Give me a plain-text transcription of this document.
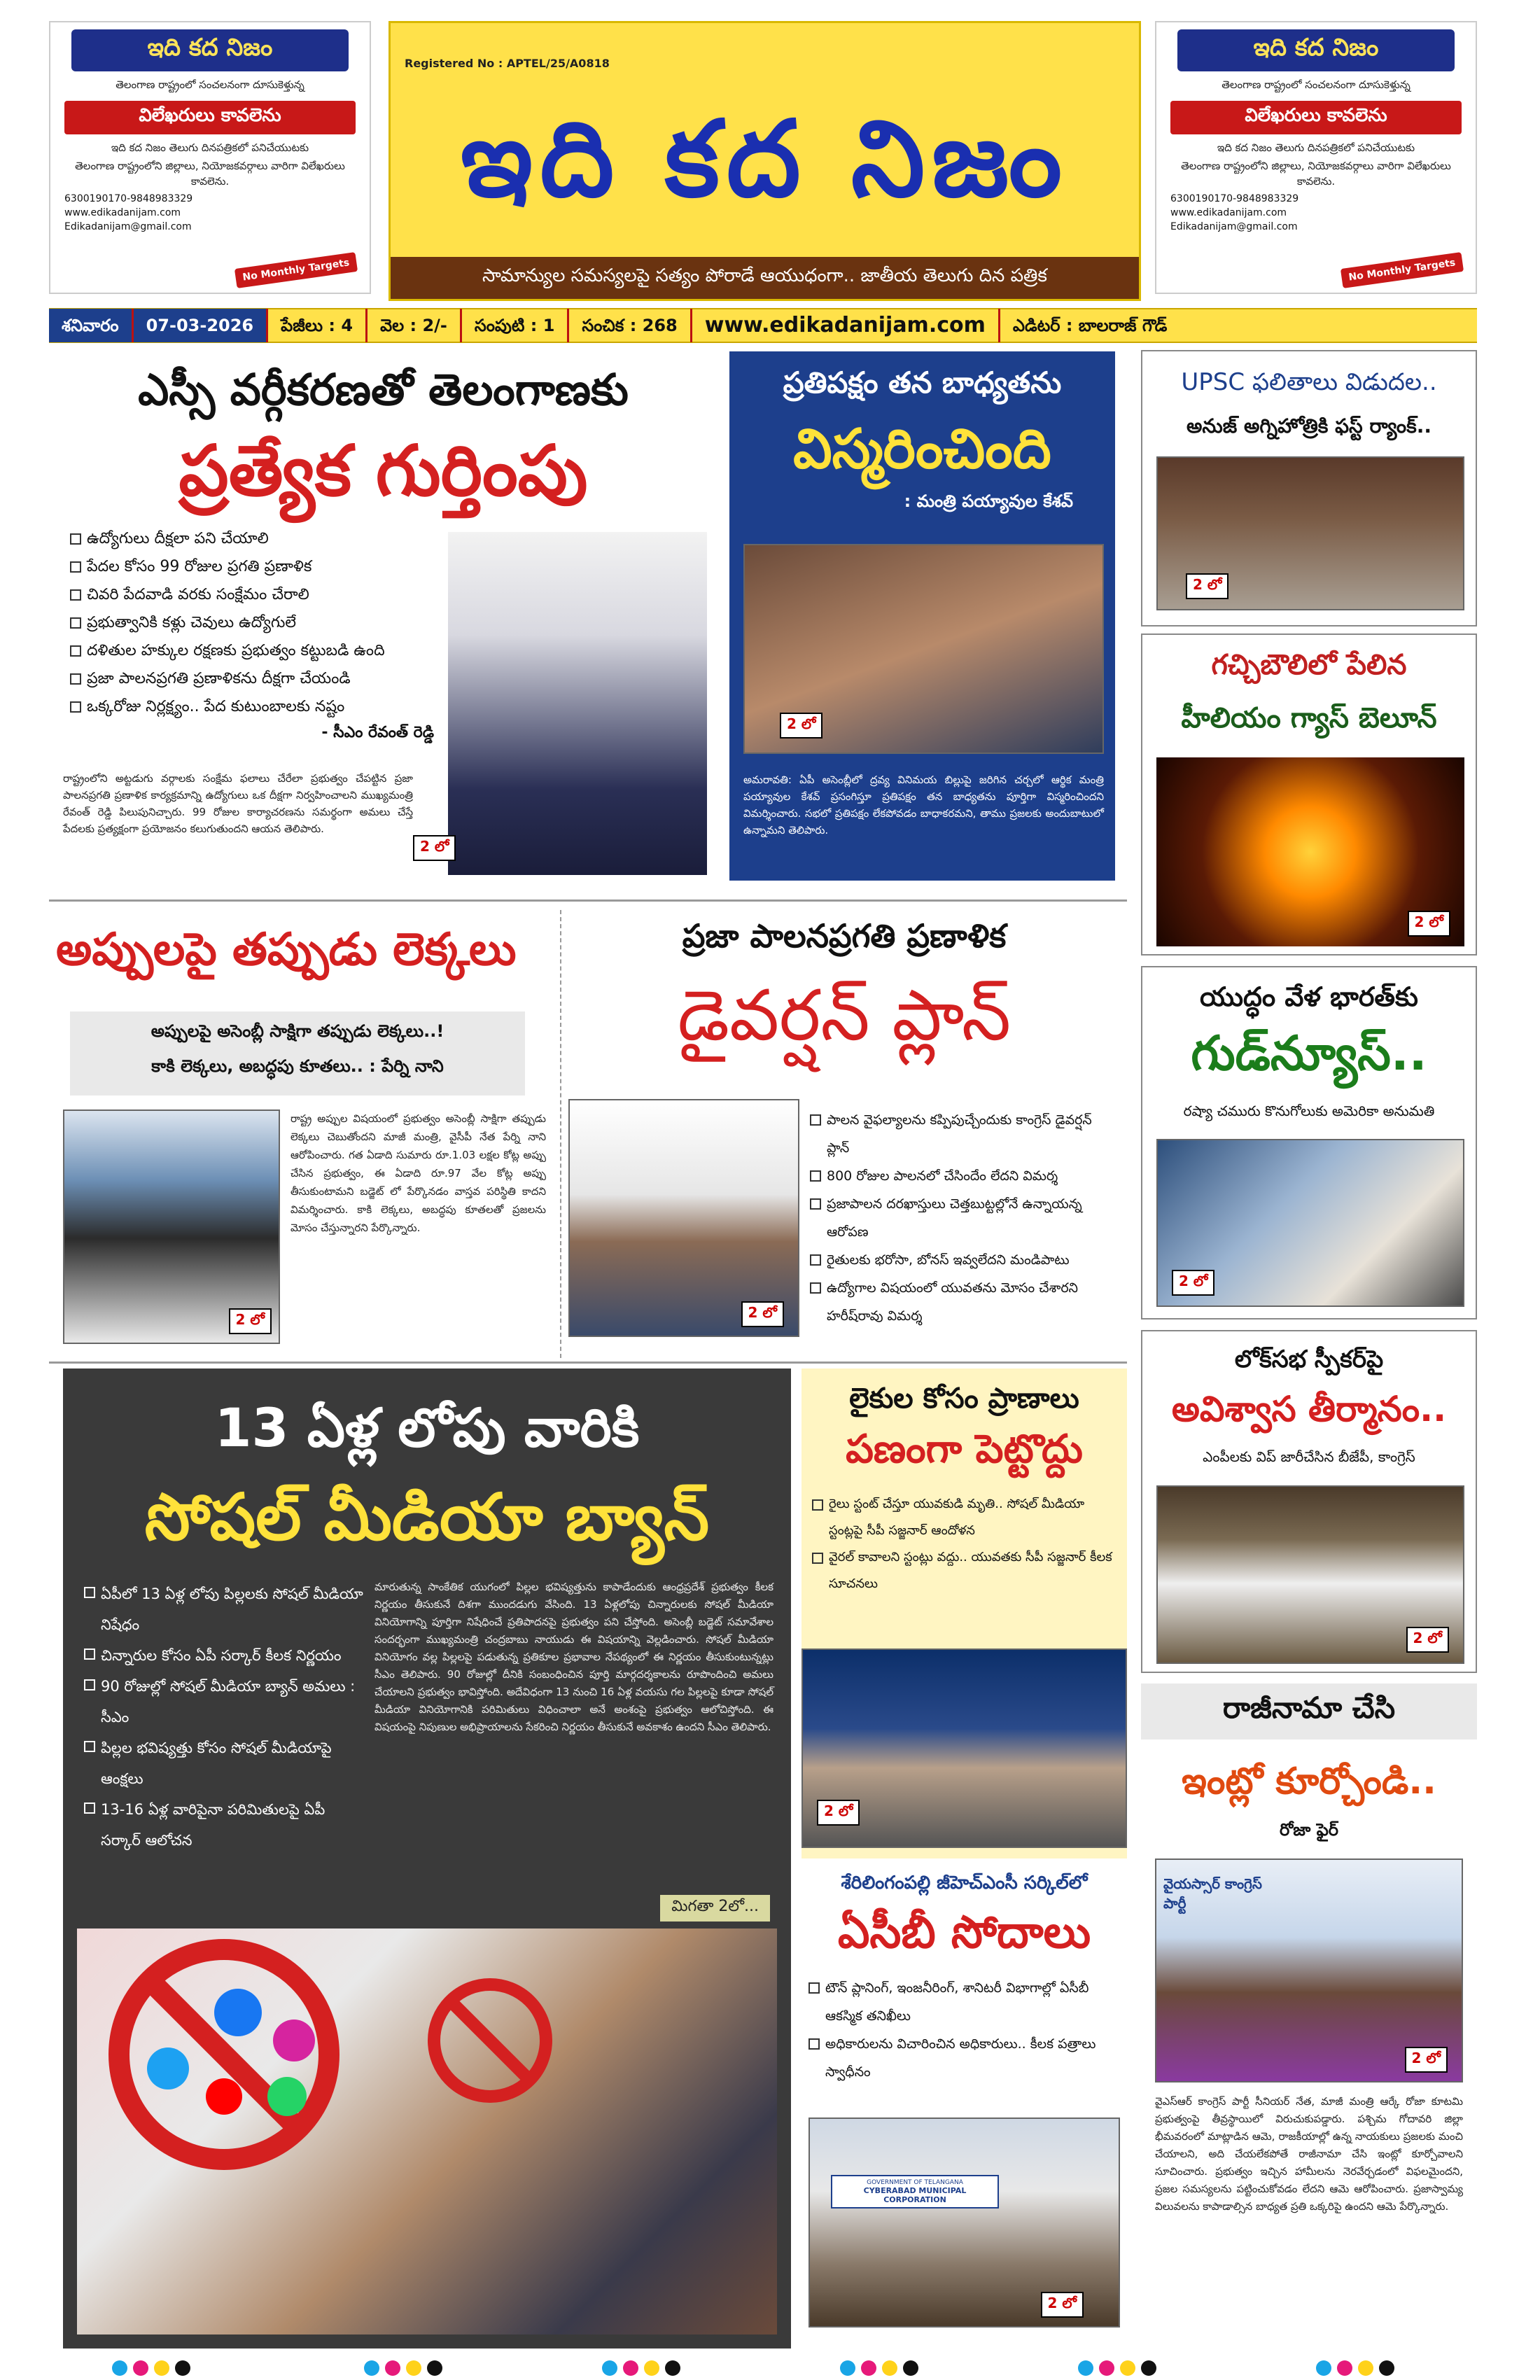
ఇది కద నిజం
తెలంగాణ రాష్ట్రంలో సంచలనంగా దూసుకెళ్తున్న
విలేఖరులు కావలెను
ఇది కద నిజం తెలుగు దినపత్రికలో పనిచేయుటకు
తెలంగాణ రాష్ట్రంలోని జిల్లాలు, నియోజకవర్గాలు వారిగా విలేఖరులు కావలెను.
6300190170-9848983329
www.edikadanijam.com
Edikadanijam@gmail.com
No Monthly Targets
Registered No : APTEL/25/A0818
ఇది కద నిజం
సామాన్యుల సమస్యలపై సత్యం పోరాడే ఆయుధంగా.. జాతీయ తెలుగు దిన పత్రిక
ఇది కద నిజం
తెలంగాణ రాష్ట్రంలో సంచలనంగా దూసుకెళ్తున్న
విలేఖరులు కావలెను
ఇది కద నిజం తెలుగు దినపత్రికలో పనిచేయుటకు
తెలంగాణ రాష్ట్రంలోని జిల్లాలు, నియోజకవర్గాలు వారిగా విలేఖరులు కావలెను.
6300190170-9848983329
www.edikadanijam.com
Edikadanijam@gmail.com
No Monthly Targets
శనివారం	07-03-2026	పేజీలు : 4	వెల : 2/-	సంపుటి : 1	సంచిక : 268	www.edikadanijam.com	ఎడిటర్ : బాలరాజ్ గౌడ్
ఎస్సీ వర్గీకరణతో తెలంగాణకు
ప్రత్యేక గుర్తింపు
ఉద్యోగులు దీక్షలా పని చేయాలి
పేదల కోసం 99 రోజుల ప్రగతి ప్రణాళిక
చివరి పేదవాడి వరకు సంక్షేమం చేరాలి
ప్రభుత్వానికి కళ్లు చెవులు ఉద్యోగులే
దళితుల హక్కుల రక్షణకు ప్రభుత్వం కట్టుబడి ఉంది
ప్రజా పాలనప్రగతి ప్రణాళికను దీక్షగా చేయండి
ఒక్కరోజు నిర్లక్ష్యం.. పేద కుటుంబాలకు నష్టం
- సీఎం రేవంత్ రెడ్డి
2 లో

రాష్ట్రంలోని అట్టడుగు వర్గాలకు సంక్షేమ ఫలాలు చేరేలా ప్రభుత్వం చేపట్టిన ప్రజా పాలనప్రగతి ప్రణాళిక కార్యక్రమాన్ని ఉద్యోగులు ఒక దీక్షగా నిర్వహించాలని ముఖ్యమంత్రి రేవంత్ రెడ్డి పిలుపునిచ్చారు. 99 రోజుల కార్యాచరణను సమర్థంగా అమలు చేస్తే పేదలకు ప్రత్యక్షంగా ప్రయోజనం కలుగుతుందని ఆయన తెలిపారు.

ప్రతిపక్షం తన బాధ్యతను
విస్మరించింది
: మంత్రి పయ్యావుల కేశవ్
2 లో

అమరావతి: ఏపీ అసెంబ్లీలో ద్రవ్య వినిమయ బిల్లుపై జరిగిన చర్చలో ఆర్థిక మంత్రి పయ్యావుల కేశవ్ ప్రసంగిస్తూ ప్రతిపక్షం తన బాధ్యతను పూర్తిగా విస్మరించిందని విమర్శించారు. సభలో ప్రతిపక్షం లేకపోవడం బాధాకరమని, తాము ప్రజలకు అందుబాటులో ఉన్నామని తెలిపారు.

UPSC ఫలితాలు విడుదల..
అనుజ్ అగ్నిహోత్రికి ఫస్ట్ ర్యాంక్..
2 లో
గచ్చిబౌలిలో పేలిన
హీలియం గ్యాస్ బెలూన్
2 లో
అప్పులపై తప్పుడు లెక్కలు
అప్పులపై అసెంబ్లీ సాక్షిగా తప్పుడు లెక్కలు..!
కాకి లెక్కలు, అబద్ధపు కూతలు.. : పేర్ని నాని
2 లో

రాష్ట్ర అప్పుల విషయంలో ప్రభుత్వం అసెంబ్లీ సాక్షిగా తప్పుడు లెక్కలు చెబుతోందని మాజీ మంత్రి, వైసీపీ నేత పేర్ని నాని ఆరోపించారు. గత ఏడాది సుమారు రూ.1.03 లక్షల కోట్ల అప్పు చేసిన ప్రభుత్వం, ఈ ఏడాది రూ.97 వేల కోట్ల అప్పు తీసుకుంటామని బడ్జెట్ లో పేర్కొనడం వాస్తవ పరిస్థితి కాదని విమర్శించారు. కాకి లెక్కలు, అబద్ధపు కూతలతో ప్రజలను మోసం చేస్తున్నారని పేర్కొన్నారు.

ప్రజా పాలనప్రగతి ప్రణాళిక
డైవర్షన్ ప్లాన్
2 లో
పాలన వైఫల్యాలను కప్పిపుచ్చేందుకు కాంగ్రెస్ డైవర్షన్ ప్లాన్
800 రోజుల పాలనలో చేసిందేం లేదని విమర్శ
ప్రజాపాలన దరఖాస్తులు చెత్తబుట్టల్లోనే ఉన్నాయన్న ఆరోపణ
రైతులకు భరోసా, బోనస్ ఇవ్వలేదని మండిపాటు
ఉద్యోగాల విషయంలో యువతను మోసం చేశారని హరీష్‌రావు విమర్శ
యుద్ధం వేళ భారత్‌కు
గుడ్‌న్యూస్..
రష్యా చమురు కొనుగోలుకు అమెరికా అనుమతి
2 లో
లోక్‌సభ స్పీకర్‌పై
అవిశ్వాస తీర్మానం..
ఎంపీలకు విప్ జారీచేసిన బీజేపీ, కాంగ్రెస్
2 లో
13 ఏళ్ల లోపు వారికి
సోషల్ మీడియా బ్యాన్
ఏపీలో 13 ఏళ్ల లోపు పిల్లలకు సోషల్ మీడియా నిషేధం
చిన్నారుల కోసం ఏపీ సర్కార్ కీలక నిర్ణయం
90 రోజుల్లో సోషల్ మీడియా బ్యాన్ అమలు : సీఎం
పిల్లల భవిష్యత్తు కోసం సోషల్ మీడియాపై ఆంక్షలు
13-16 ఏళ్ల వారిపైనా పరిమితులపై ఏపీ సర్కార్ ఆలోచన

మారుతున్న సాంకేతిక యుగంలో పిల్లల భవిష్యత్తును కాపాడేందుకు ఆంధ్రప్రదేశ్ ప్రభుత్వం కీలక నిర్ణయం తీసుకునే దిశగా ముందడుగు వేసింది. 13 ఏళ్లలోపు చిన్నారులకు సోషల్ మీడియా వినియోగాన్ని పూర్తిగా నిషేధించే ప్రతిపాదనపై ప్రభుత్వం పని చేస్తోంది. అసెంబ్లీ బడ్జెట్ సమావేశాల సందర్భంగా ముఖ్యమంత్రి చంద్రబాబు నాయుడు ఈ విషయాన్ని వెల్లడించారు. సోషల్ మీడియా వినియోగం వల్ల పిల్లలపై పడుతున్న ప్రతికూల ప్రభావాల నేపథ్యంలో ఈ నిర్ణయం తీసుకుంటున్నట్లు సీఎం తెలిపారు. 90 రోజుల్లో దీనికి సంబంధించిన పూర్తి మార్గదర్శకాలను రూపొందించి అమలు చేయాలని ప్రభుత్వం భావిస్తోంది. అదేవిధంగా 13 నుంచి 16 ఏళ్ల వయసు గల పిల్లలపై కూడా సోషల్ మీడియా వినియోగానికి పరిమితులు విధించాలా అనే అంశంపై ప్రభుత్వం ఆలోచిస్తోంది. ఈ విషయంపై నిపుణుల అభిప్రాయాలను సేకరించి నిర్ణయం తీసుకునే అవకాశం ఉందని సీఎం తెలిపారు.

మిగతా 2లో...
లైకుల కోసం ప్రాణాలు
పణంగా పెట్టొద్దు
రైలు స్టంట్ చేస్తూ యువకుడి మృతి.. సోషల్ మీడియా స్టంట్లపై సీపీ సజ్జనార్ ఆందోళన
వైరల్ కావాలని స్టంట్లు వద్దు.. యువతకు సీపీ సజ్జనార్ కీలక సూచనలు
2 లో
శేరిలింగంపల్లి జీహెచ్‌ఎంసీ సర్కిల్‌లో
ఏసీబీ సోదాలు
టౌన్ ప్లానింగ్, ఇంజనీరింగ్, శానిటరీ విభాగాల్లో ఏసీబీ ఆకస్మిక తనిఖీలు
అధికారులను విచారించిన అధికారులు.. కీలక పత్రాలు స్వాధీనం
GOVERNMENT OF TELANGANA
CYBERABAD MUNICIPAL CORPORATION
2 లో
రాజీనామా చేసి
ఇంట్లో కూర్చోండి..
రోజా ఫైర్
వైయస్సార్ కాంగ్రెస్ పార్టీ
2 లో

వైఎస్ఆర్ కాంగ్రెస్ పార్టీ సీనియర్ నేత, మాజీ మంత్రి ఆర్కే రోజా కూటమి ప్రభుత్వంపై తీవ్రస్థాయిలో విరుచుకుపడ్డారు. పశ్చిమ గోదావరి జిల్లా భీమవరంలో మాట్లాడిన ఆమె, రాజకీయాల్లో ఉన్న నాయకులు ప్రజలకు మంచి చేయాలని, అది చేయలేకపోతే రాజీనామా చేసి ఇంట్లో కూర్చోవాలని సూచించారు. ప్రభుత్వం ఇచ్చిన హామీలను నెరవేర్చడంలో విఫలమైందని, ప్రజల సమస్యలను పట్టించుకోవడం లేదని ఆమె ఆరోపించారు. ప్రజాస్వామ్య విలువలను కాపాడాల్సిన బాధ్యత ప్రతి ఒక్కరిపై ఉందని ఆమె పేర్కొన్నారు.
